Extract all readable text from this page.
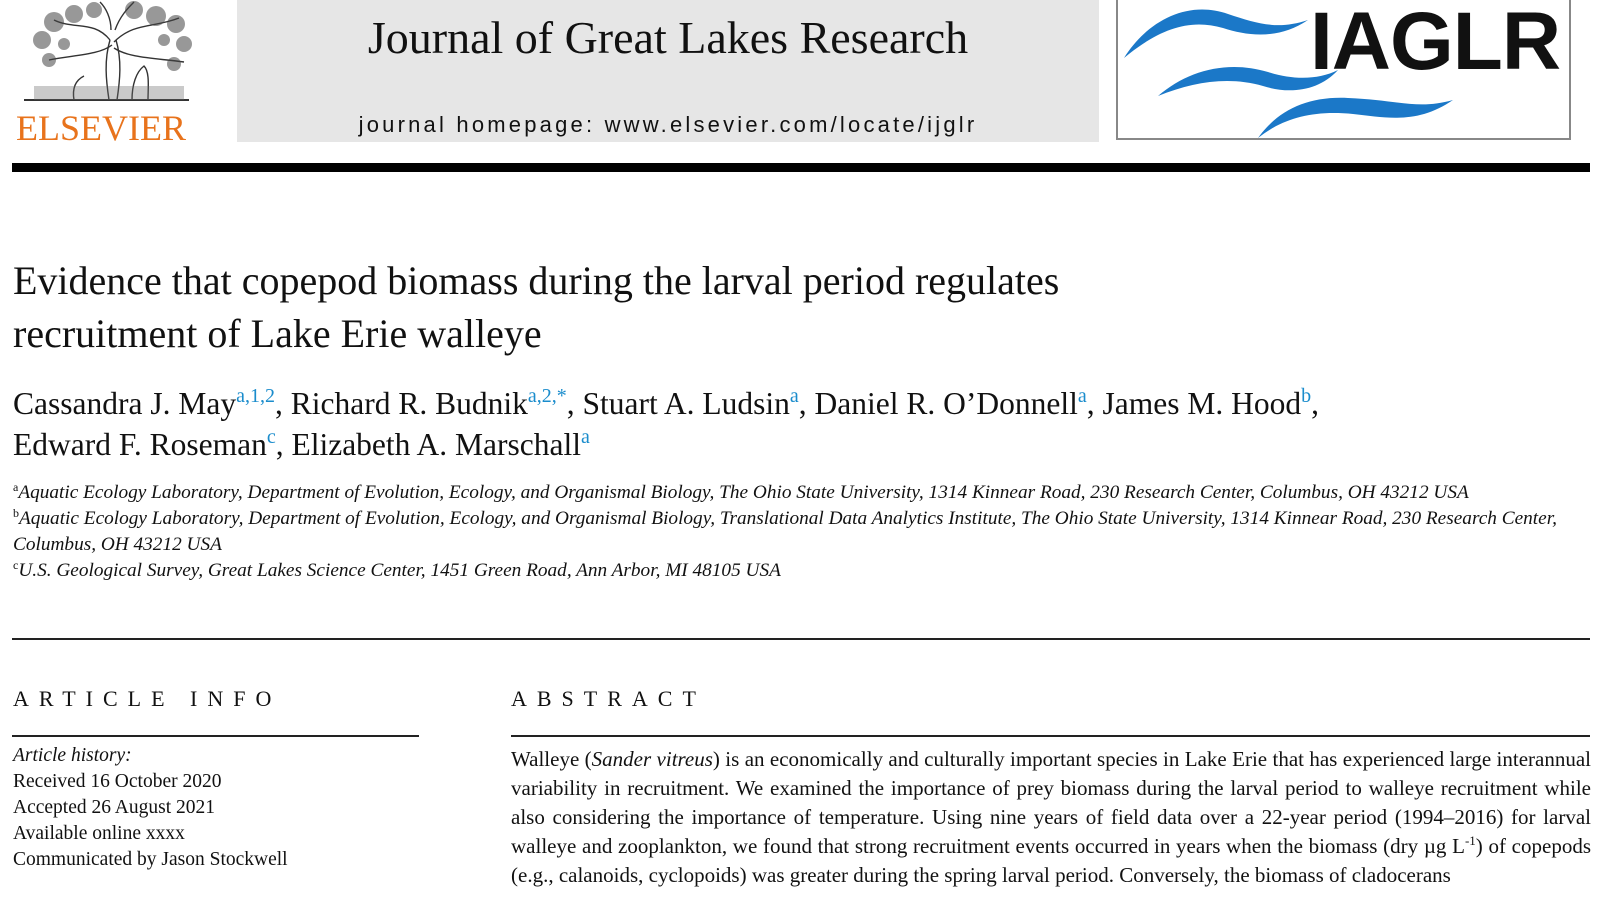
ELSEVIER
Journal of Great Lakes Research
journal homepage: www.elsevier.com/locate/ijglr
IAGLR
Evidence that copepod biomass during the larval period regulates
recruitment of Lake Erie walleye
Cassandra J. May$^{a,1,2}$, Richard R. Budnik$^{a,2,*}$, Stuart A. Ludsin$^a$, Daniel R. O’Donnell$^a$, James M. Hood$^b$,
Edward F. Roseman$^c$, Elizabeth A. Marschall$^a$
$^a$Aquatic Ecology Laboratory, Department of Evolution, Ecology, and Organismal Biology, The Ohio State University, 1314 Kinnear Road, 230 Research Center, Columbus, OH 43212 USA
$^b$Aquatic Ecology Laboratory, Department of Evolution, Ecology, and Organismal Biology, Translational Data Analytics Institute, The Ohio State University, 1314 Kinnear Road, 230 Research Center, Columbus, OH 43212 USA
$^c$U.S. Geological Survey, Great Lakes Science Center, 1451 Green Road, Ann Arbor, MI 48105 USA
ARTICLE INFO	ABSTRACT
Article history:
Received 16 October 2020
Accepted 26 August 2021
Available online xxxx
Communicated by Jason Stockwell

Walleye (Sander vitreus) is an economically and culturally important species in Lake Erie that has experienced large interannual variability in recruitment. We examined the importance of prey biomass during the larval period to walleye recruitment while also considering the importance of temperature. Using nine years of field data over a 22-year period (1994–2016) for larval walleye and zooplankton, we found that strong recruitment events occurred in years when the biomass (dry µg $L^{-1}$) of copepods (e.g., calanoids, cyclopoids) was greater during the spring larval period. Conversely, the biomass of cladocerans
